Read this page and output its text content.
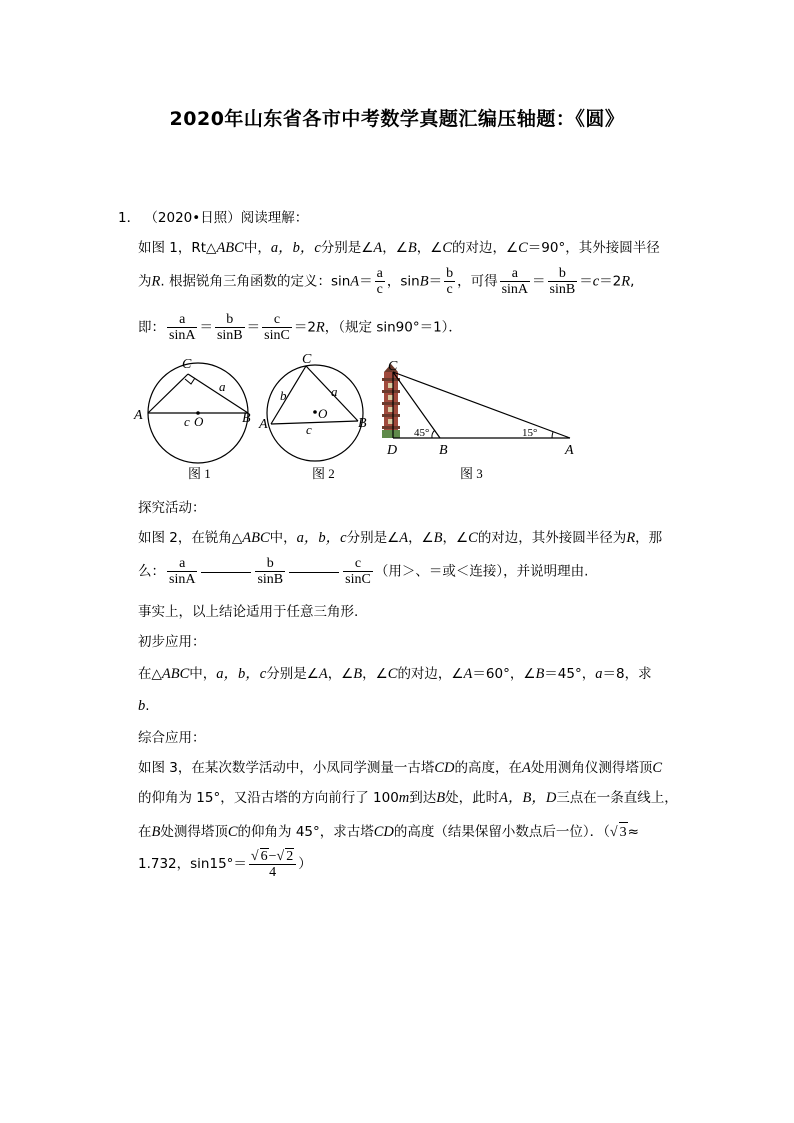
2020年山东省各市中考数学真题汇编压轴题：《圆》
1． （2020•日照）阅读理解：
如图 1，Rt△ABC中，a，b，c分别是∠A，∠B，∠C的对边，∠C＝90°，其外接圆半径
为R. 根据锐角三角函数的定义：$\sin A= \frac{a}{c}$ ，$\sin B= \frac{b}{c}$ ，可得 $\frac{a}{\sin A} = \frac{b}{\sin B} =c=2R$,
即： $\frac{a}{\sin A} = \frac{b}{\sin B} = \frac{c}{\sin C} =2R$，（规定 sin90°＝1）．
C
A	B
a
c O
图 1
C
A	B
b	a
c
O
图 2
C
D	B	A
45°	15°
图 3
探究活动：
如图 2，在锐角△ABC中，a，b，c分别是∠A，∠B，∠C的对边，其外接圆半径为R，那
么： $\frac{a}{\sin A}$	$\frac{b}{\sin B}$	$\frac{c}{\sin C}$ （用＞、＝或＜连接），并说明理由.
事实上，以上结论适用于任意三角形.
初步应用：
在△ABC中，a，b，c分别是∠A，∠B，∠C的对边，∠A＝60°，∠B＝45°，a＝8，求
b.
综合应用：
如图 3，在某次数学活动中，小凤同学测量一古塔CD的高度，在A处用测角仪测得塔顶C
的仰角为 15°，又沿古塔的方向前行了 100m到达B处，此时A，B，D三点在一条直线上，
在B处测得塔顶C的仰角为 45°，求古塔CD的高度（结果保留小数点后一位）．（√ 3≈
1.732，$\sin 15^\circ= \frac{√ 6-√ 2}{4}$ ）
